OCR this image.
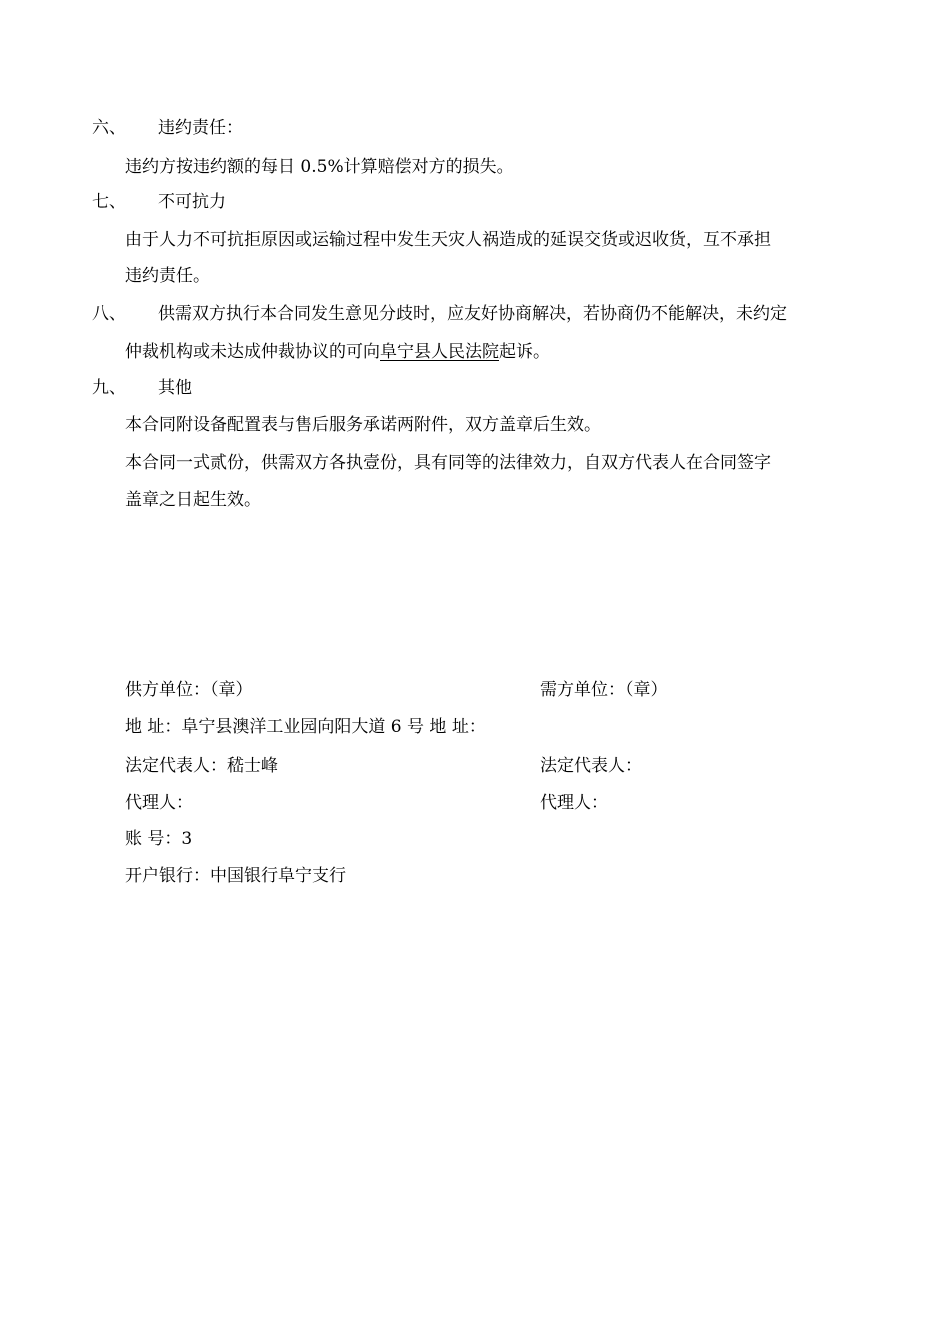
六、 违约责任：
违约方按违约额的每日 0.5%计算赔偿对方的损失。
七、 不可抗力
由于人力不可抗拒原因或运输过程中发生天灾人祸造成的延误交货或迟收货，互不承担
违约责任。
八、 供需双方执行本合同发生意见分歧时，应友好协商解决，若协商仍不能解决，未约定
仲裁机构或未达成仲裁协议的可向阜宁县人民法院起诉。
九、 其他
本合同附设备配置表与售后服务承诺两附件，双方盖章后生效。
本合同一式贰份，供需双方各执壹份，具有同等的法律效力，自双方代表人在合同签字
盖章之日起生效。
供方单位：（章）	需方单位：（章）
地 址：阜宁县澳洋工业园向阳大道 6 号 地 址：
法定代表人：嵇士峰	法定代表人：
代理人：	代理人：
账 号：3
开户银行：中国银行阜宁支行
